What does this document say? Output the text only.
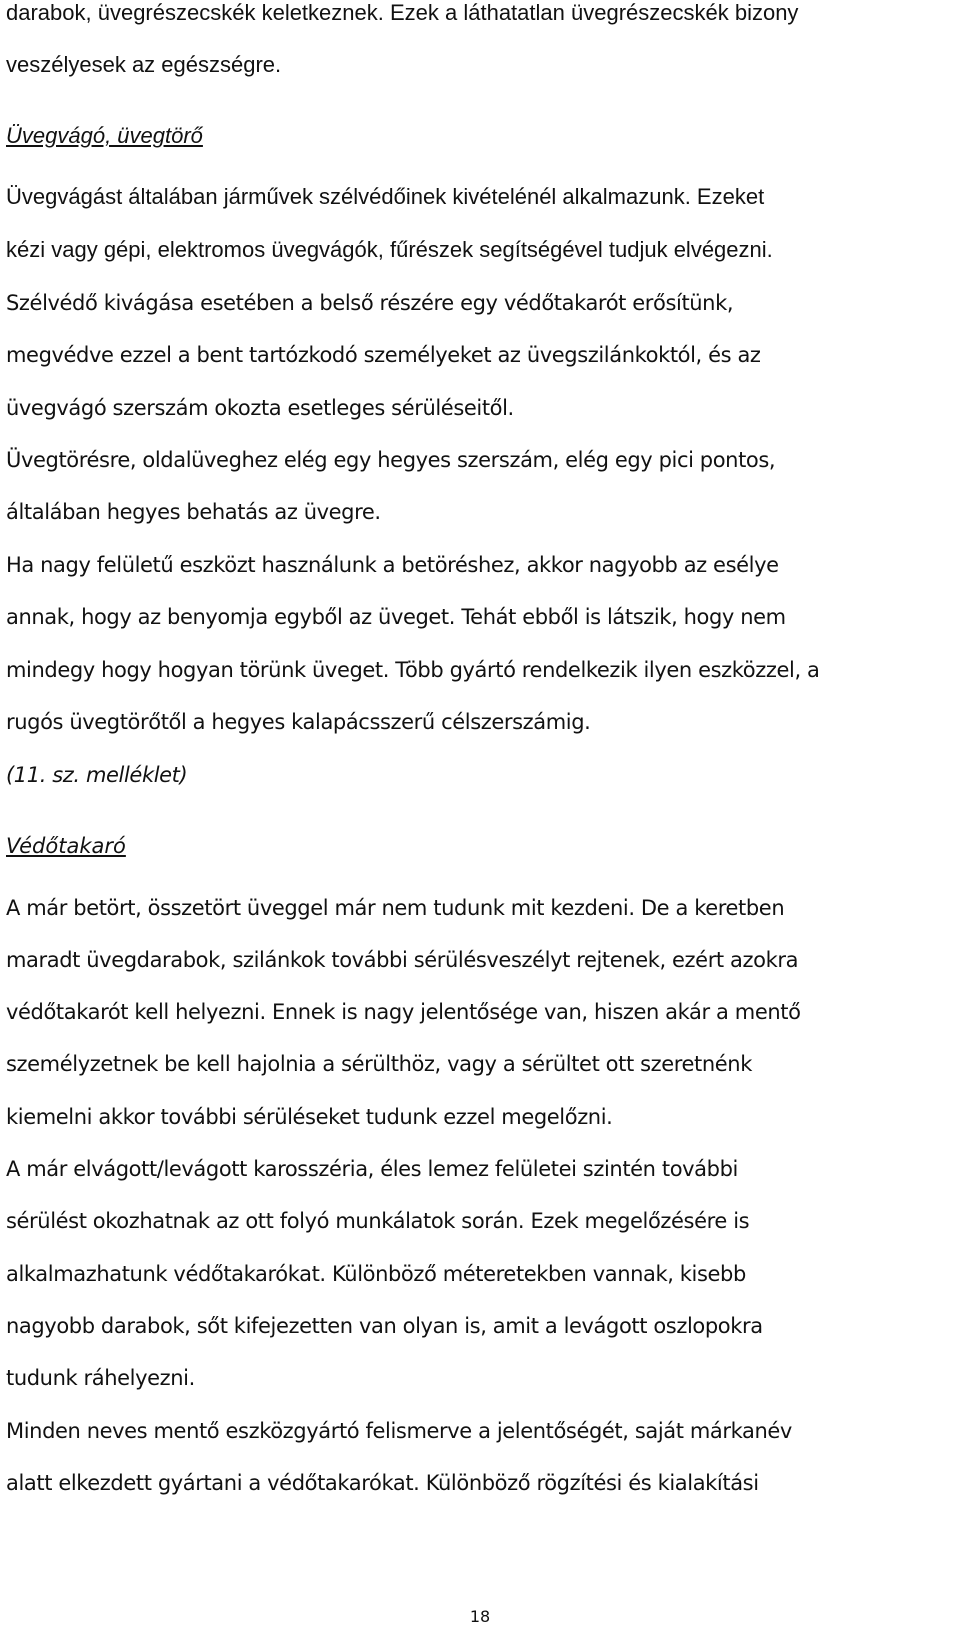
darabok, üvegrészecskék keletkeznek. Ezek a láthatatlan üvegrészecskék bizony
veszélyesek az egészségre.
Üvegvágó, üvegtörő
Üvegvágást általában járművek szélvédőinek kivételénél alkalmazunk. Ezeket
kézi vagy gépi, elektromos üvegvágók, fűrészek segítségével tudjuk elvégezni.
Szélvédő kivágása esetében a belső részére egy védőtakarót erősítünk,
megvédve ezzel a bent tartózkodó személyeket az üvegszilánkoktól, és az
üvegvágó szerszám okozta esetleges sérüléseitől.
Üvegtörésre, oldalüveghez elég egy hegyes szerszám, elég egy pici pontos,
általában hegyes behatás az üvegre.
Ha nagy felületű eszközt használunk a betöréshez, akkor nagyobb az esélye
annak, hogy az benyomja egyből az üveget. Tehát ebből is látszik, hogy nem
mindegy hogy hogyan törünk üveget. Több gyártó rendelkezik ilyen eszközzel, a
rugós üvegtörőtől a hegyes kalapácsszerű célszerszámig.
(11. sz. melléklet)
Védőtakaró
A már betört, összetört üveggel már nem tudunk mit kezdeni. De a keretben
maradt üvegdarabok, szilánkok további sérülésveszélyt rejtenek, ezért azokra
védőtakarót kell helyezni. Ennek is nagy jelentősége van, hiszen akár a mentő
személyzetnek be kell hajolnia a sérülthöz, vagy a sérültet ott szeretnénk
kiemelni akkor további sérüléseket tudunk ezzel megelőzni.
A már elvágott/levágott karosszéria, éles lemez felületei szintén további
sérülést okozhatnak az ott folyó munkálatok során. Ezek megelőzésére is
alkalmazhatunk védőtakarókat. Különböző méteretekben vannak, kisebb
nagyobb darabok, sőt kifejezetten van olyan is, amit a levágott oszlopokra
tudunk ráhelyezni.
Minden neves mentő eszközgyártó felismerve a jelentőségét, saját márkanév
alatt elkezdett gyártani a védőtakarókat. Különböző rögzítési és kialakítási
18
